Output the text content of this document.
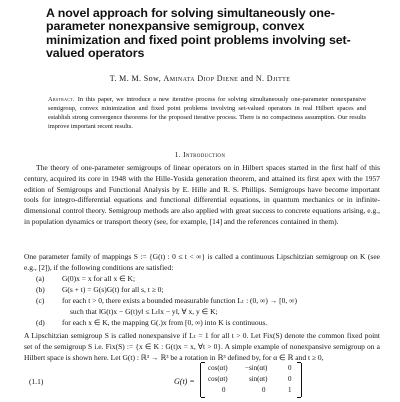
A novel approach for solving simultaneously one-parameter nonexpansive semigroup, convex minimization and fixed point problems involving set-valued operators
T. M. M. Sow, Aminata Diop Diene and N. Djitte

Abstract. In this paper, we introduce a new iterative process for solving simultaneously one-parameter nonexpansive semigroup, convex minimization and fixed point problems involving set-valued operators in real Hilbert spaces and establish strong convergence theorems for the proposed iterative process. There is no compactness assumption. Our results improve important recent results.

1. Introduction

The theory of one-parameter semigroups of linear operators on in Hilbert spaces started in the first half of this century, acquired its core in 1948 with the Hille-Yosida generation theorem, and attained its first apex with the 1957 edition of Semigroups and Functional Analysis by E. Hille and R. S. Phillips. Semigroups have become important tools for integro-differential equations and functional differential equations, in quantum mechanics or in infinite-dimensional control theory. Semigroup methods are also applied with great success to concrete equations arising, e.g., in population dynamics or transport theory (see, for example, [14] and the references contained in them).

One parameter family of mappings S := {G(t) : 0 ≤ t < ∞} is called a continuous Lipschitzian semigroup on K (see e.g., [2]), if the following conditions are satisfied:

(a) G(0)x = x for all x ∈ K;
(b) G(s + t) = G(s)G(t) for all s, t ≥ 0;
(c) for each t > 0, there exists a bounded measurable function Lₜ : (0, ∞) → [0, ∞)
such that ‖G(t)x − G(t)y‖ ≤ Lₜ‖x − y‖, ∀ x, y ∈ K;
(d) for each x ∈ K, the mapping G(.)x from [0, ∞) into K is continuous.

A Lipschitzian semigroup S is called nonexpansive if Lₜ = 1 for all t > 0. Let Fix(S) denote the common fixed point set of the semigroup S i.e. Fix(S) := {x ∈ K : G(t)x = x, ∀t > 0}. A simple example of nonexpansive semigroup on a Hilbert space is shown here. Let G(t) : ℝ³ → ℝ³ be a rotation in ℝ³ defined by, for α ∈ ℝ and t ≥ 0,

(1.1)	G(t) =
cos(αt) −sin(αt)	0
cos(αt)	sin(αt)	0
0	0	1
